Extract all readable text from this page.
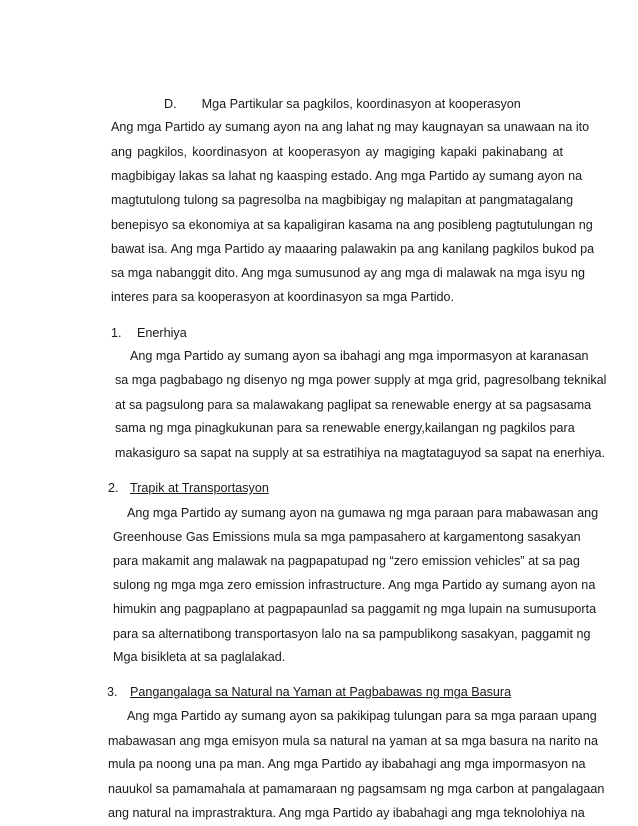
D. Mga Partikular sa pagkilos, koordinasyon at kooperasyon
Ang mga Partido ay sumang ayon na ang lahat ng may kaugnayan sa unawaan na ito
ang pagkilos, koordinasyon at kooperasyon ay magiging kapaki pakinabang at
magbibigay lakas sa lahat ng kaasping estado. Ang mga Partido ay sumang ayon na
magtutulong tulong sa pagresolba na magbibigay ng malapitan at pangmatagalang
benepisyo sa ekonomiya at sa kapaligiran kasama na ang posibleng pagtutulungan ng
bawat isa. Ang mga Partido ay maaaring palawakin pa ang kanilang pagkilos bukod pa
sa mga nabanggit dito. Ang mga sumusunod ay ang mga di malawak na mga isyu ng
interes para sa kooperasyon at koordinasyon sa mga Partido.
1. Enerhiya
Ang mga Partido ay sumang ayon sa ibahagi ang mga impormasyon at karanasan
sa mga pagbabago ng disenyo ng mga power supply at mga grid, pagresolbang teknikal
at sa pagsulong para sa malawakang paglipat sa renewable energy at sa pagsasama
sama ng mga pinagkukunan para sa renewable energy,kailangan ng pagkilos para
makasiguro sa sapat na supply at sa estratihiya na magtataguyod sa sapat na enerhiya.
2. Trapik at Transportasyon
Ang mga Partido ay sumang ayon na gumawa ng mga paraan para mabawasan ang
Greenhouse Gas Emissions mula sa mga pampasahero at kargamentong sasakyan
para makamit ang malawak na pagpapatupad ng “zero emission vehicles” at sa pag
sulong ng mga mga zero emission infrastructure. Ang mga Partido ay sumang ayon na
himukin ang pagpaplano at pagpapaunlad sa paggamit ng mga lupain na sumusuporta
para sa alternatibong transportasyon lalo na sa pampublikong sasakyan, paggamit ng
Mga bisikleta at sa paglalakad.
3. Pangangalaga sa Natural na Yaman at Pagbabawas ng mga Basura
Ang mga Partido ay sumang ayon sa pakikipag tulungan para sa mga paraan upang
mabawasan ang mga emisyon mula sa natural na yaman at sa mga basura na narito na
mula pa noong una pa man. Ang mga Partido ay ibabahagi ang mga impormasyon na
nauukol sa pamamahala at pamamaraan ng pagsamsam ng mga carbon at pangalagaan
ang natural na imprastraktura. Ang mga Partido ay ibabahagi ang mga teknolohiya na
